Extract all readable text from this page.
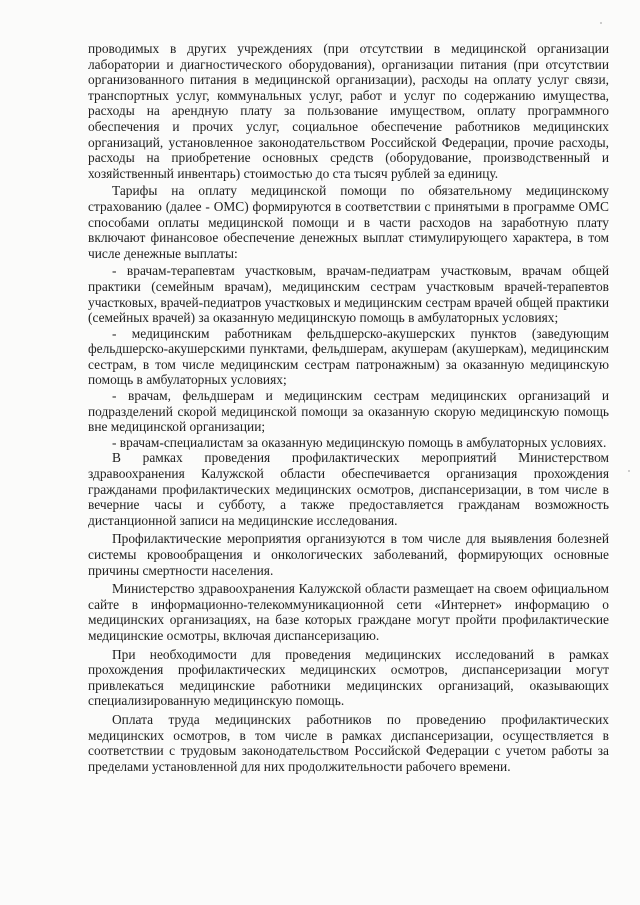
проводимых в других учреждениях (при отсутствии в медицинской организации лаборатории и диагностического оборудования), организации питания (при отсутствии организованного питания в медицинской организации), расходы на оплату услуг связи, транспортных услуг, коммунальных услуг, работ и услуг по содержанию имущества, расходы на арендную плату за пользование имуществом, оплату программного обеспечения и прочих услуг, социальное обеспечение работников медицинских организаций, установленное законодательством Российской Федерации, прочие расходы, расходы на приобретение основных средств (оборудование, производственный и хозяйственный инвентарь) стоимостью до ста тысяч рублей за единицу.

Тарифы на оплату медицинской помощи по обязательному медицинскому страхованию (далее - ОМС) формируются в соответствии с принятыми в программе ОМС способами оплаты медицинской помощи и в части расходов на заработную плату включают финансовое обеспечение денежных выплат стимулирующего характера, в том числе денежные выплаты:

- врачам-терапевтам участковым, врачам-педиатрам участковым, врачам общей практики (семейным врачам), медицинским сестрам участковым врачей-терапевтов участковых, врачей-педиатров участковых и медицинским сестрам врачей общей практики (семейных врачей) за оказанную медицинскую помощь в амбулаторных условиях;

- медицинским работникам фельдшерско-акушерских пунктов (заведующим фельдшерско-акушерскими пунктами, фельдшерам, акушерам (акушеркам), медицинским сестрам, в том числе медицинским сестрам патронажным) за оказанную медицинскую помощь в амбулаторных условиях;

- врачам, фельдшерам и медицинским сестрам медицинских организаций и подразделений скорой медицинской помощи за оказанную скорую медицинскую помощь вне медицинской организации;

- врачам-специалистам за оказанную медицинскую помощь в амбулаторных условиях.

В рамках проведения профилактических мероприятий Министерством здравоохранения Калужской области обеспечивается организация прохождения гражданами профилактических медицинских осмотров, диспансеризации, в том числе в вечерние часы и субботу, а также предоставляется гражданам возможность дистанционной записи на медицинские исследования.

Профилактические мероприятия организуются в том числе для выявления болезней системы кровообращения и онкологических заболеваний, формирующих основные причины смертности населения.

Министерство здравоохранения Калужской области размещает на своем официальном сайте в информационно-телекоммуникационной сети «Интернет» информацию о медицинских организациях, на базе которых граждане могут пройти профилактические медицинские осмотры, включая диспансеризацию.

При необходимости для проведения медицинских исследований в рамках прохождения профилактических медицинских осмотров, диспансеризации могут привлекаться медицинские работники медицинских организаций, оказывающих специализированную медицинскую помощь.

Оплата труда медицинских работников по проведению профилактических медицинских осмотров, в том числе в рамках диспансеризации, осуществляется в соответствии с трудовым законодательством Российской Федерации с учетом работы за пределами установленной для них продолжительности рабочего времени.
